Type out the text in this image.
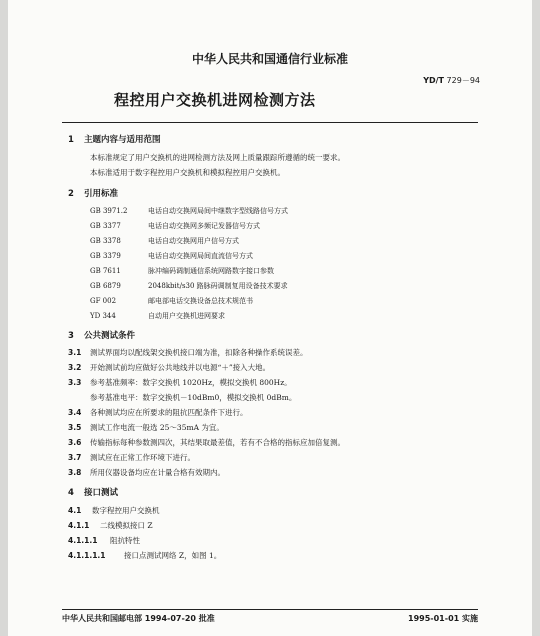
中华人民共和国通信行业标准
YD/T 729－94
程控用户交换机进网检测方法
1 主题内容与适用范围
本标准规定了用户交换机的进网检测方法及网上质量跟踪所遵循的统一要求。
本标准适用于数字程控用户交换机和模拟程控用户交换机。
2 引用标准
GB 3971.2	电话自动交换网局间中继数字型线路信号方式
GB 3377	电话自动交换网多频记发器信号方式
GB 3378	电话自动交换网用户信号方式
GB 3379	电话自动交换网局间直流信号方式
GB 7611	脉冲编码调制通信系统网路数字接口参数
GB 6879	2048kbit/s30 路脉码调制复用设备技术要求
GF 002	邮电部电话交换设备总技术规范书
YD 344	自动用户交换机进网要求
3 公共测试条件
3.1 测试界面均以配线架交换机接口端为准，扣除各种操作系统误差。
3.2 开始测试前均应做好公共地线并以电源“＋”接入大地。
3.3 参考基准频率：数字交换机 1020Hz，模拟交换机 800Hz。
参考基准电平：数字交换机－10dBm0，模拟交换机 0dBm。
3.4 各种测试均应在所要求的阻抗匹配条件下进行。
3.5 测试工作电流一般选 25～35mA 为宜。
3.6 传输指标每种参数测四次，其结果取最差值，若有不合格的指标应加倍复测。
3.7 测试应在正常工作环境下进行。
3.8 所用仪器设备均应在计量合格有效期内。
4 接口测试
4.1 数字程控用户交换机
4.1.1 二线模拟接口 Z
4.1.1.1 阻抗特性
4.1.1.1.1 接口点测试网络 Z，如图 1。
中华人民共和国邮电部 1994-07-20 批准	1995-01-01 实施
